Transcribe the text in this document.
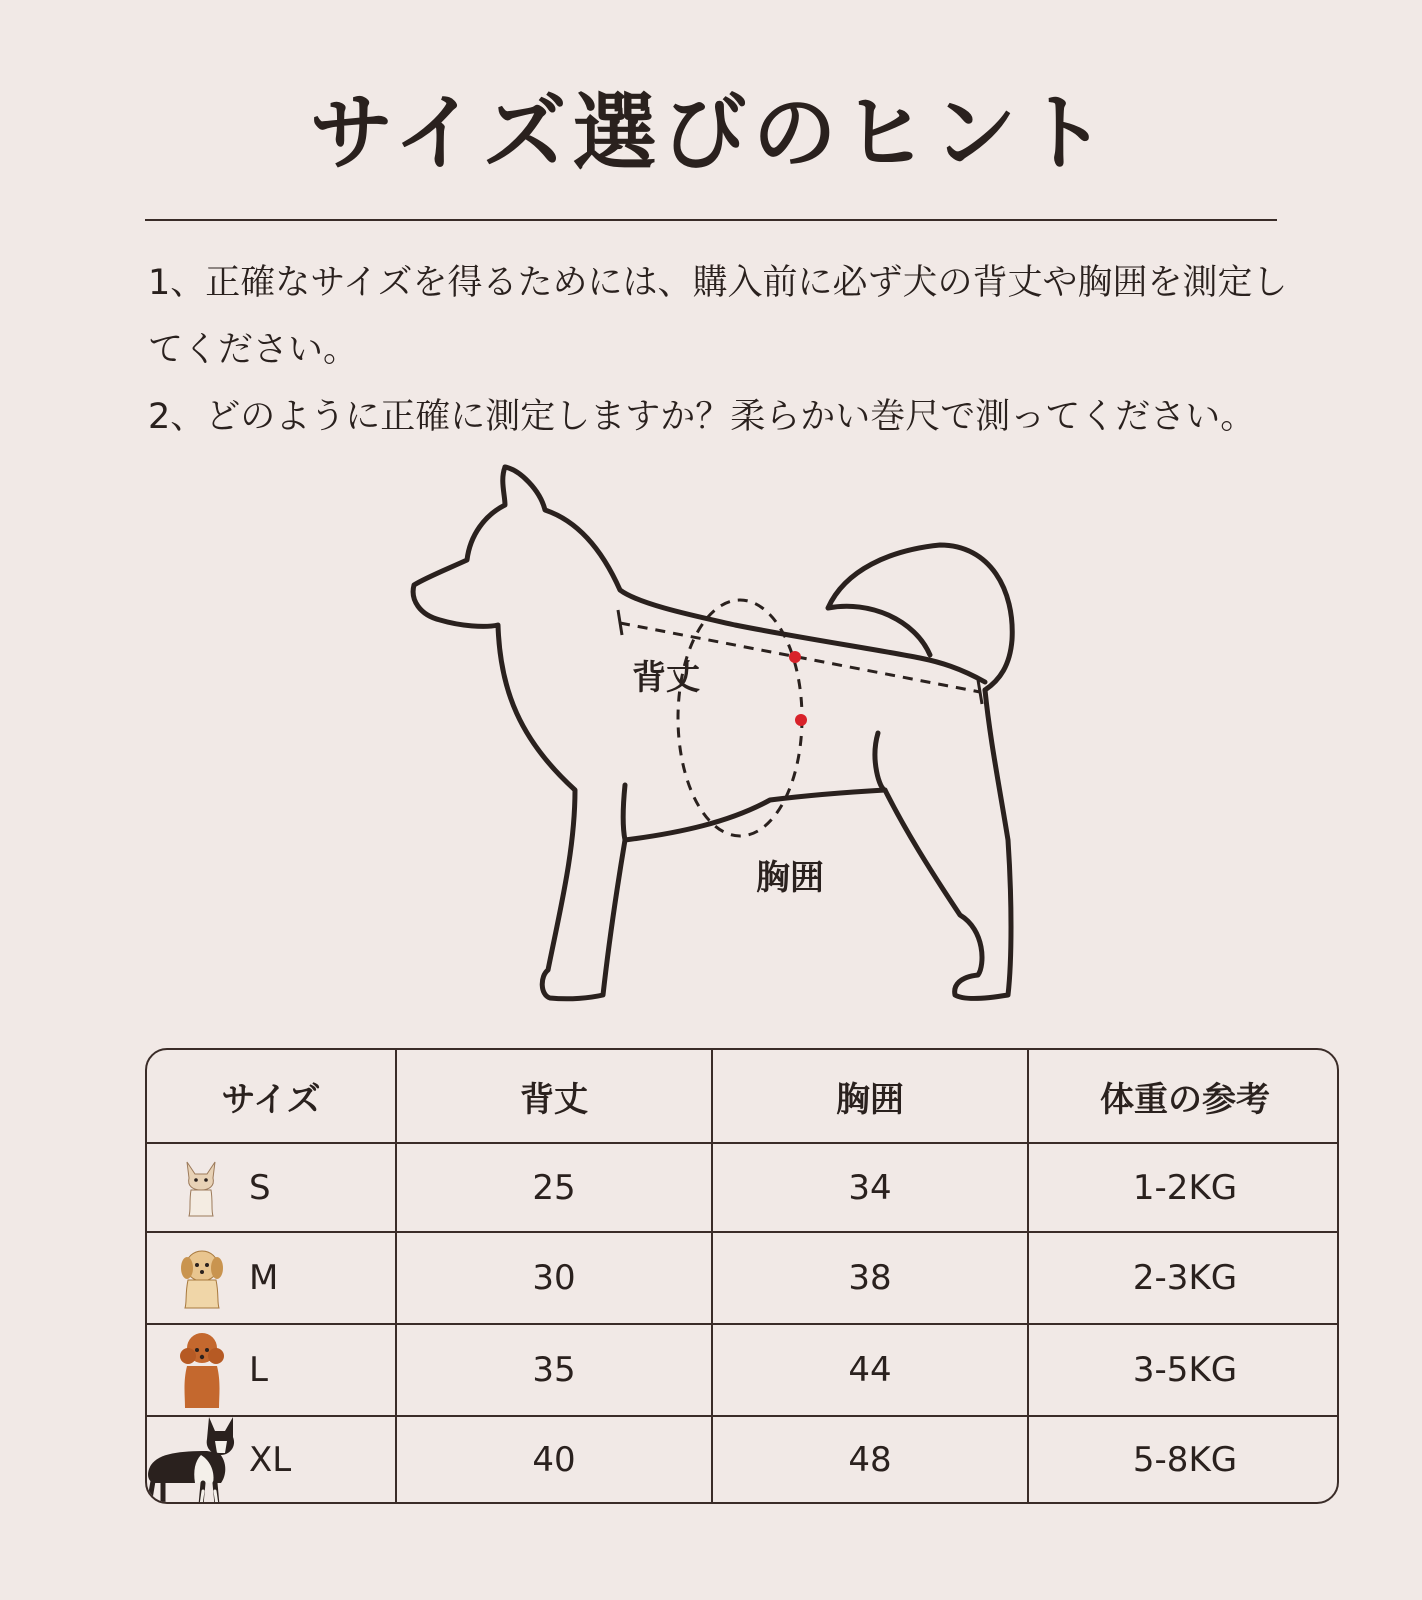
サイズ選びのヒント

1、正確なサイズを得るためには、購入前に必ず犬の背丈や胸囲を測定してください。

2、どのように正確に測定しますか？柔らかい巻尺で測ってください。

背丈
胸囲
サイズ	背丈	胸囲	体重の参考

S	25	34	1-2KG

M	30	38	2-3KG

L	35	44	3-5KG

XL	40	48	5-8KG
